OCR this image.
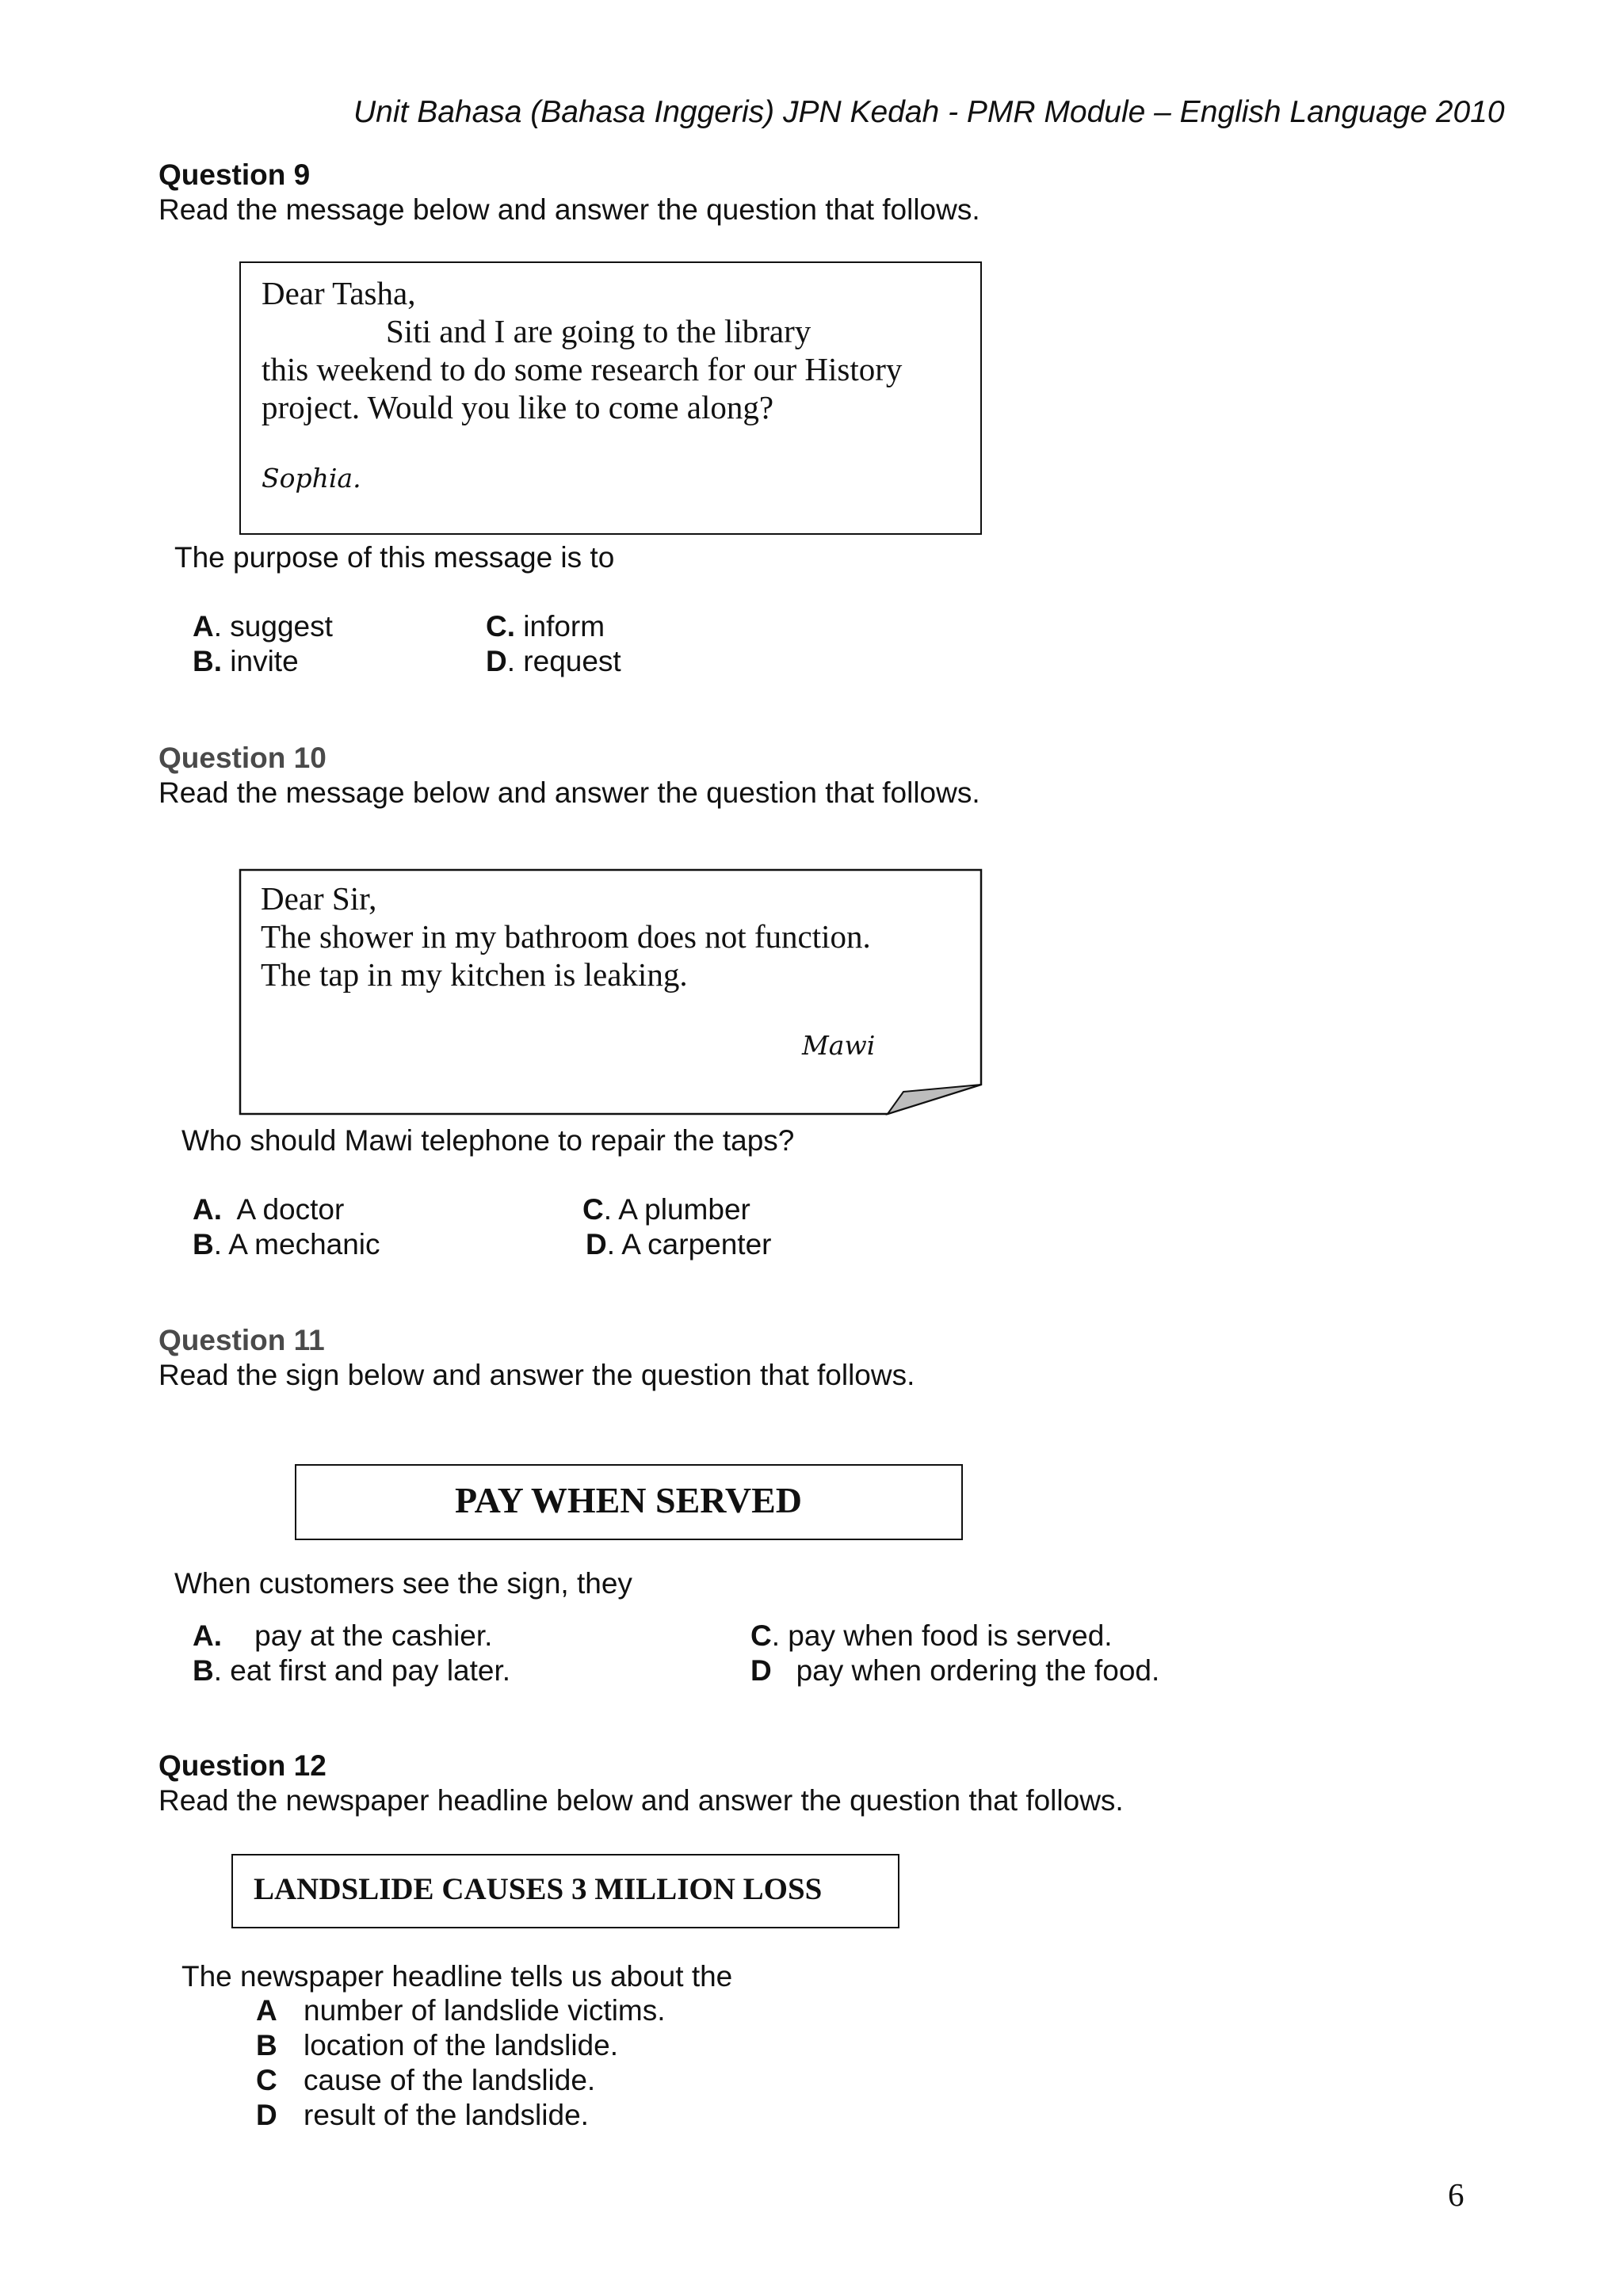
Unit Bahasa (Bahasa Inggeris) JPN Kedah - PMR Module – English Language 2010
Question 9
Read the message below and answer the question that follows.
Dear Tasha,
Siti and I are going to the library
this weekend to do some research for our History
project. Would you like to come along?
Sophia.
The purpose of this message is to
A. suggest
B. invite
C. inform
D. request
Question 10
Read the message below and answer the question that follows.
Dear Sir,
The shower in my bathroom does not function.
The tap in my kitchen is leaking.
Mawi
Who should Mawi telephone to repair the taps?
A. A doctor
B. A mechanic
C. A plumber
D. A carpenter
Question 11
Read the sign below and answer the question that follows.
PAY WHEN SERVED
When customers see the sign, they
A. pay at the cashier.
B. eat first and pay later.
C. pay when food is served.
D pay when ordering the food.
Question 12
Read the newspaper headline below and answer the question that follows.
LANDSLIDE CAUSES 3 MILLION LOSS
The newspaper headline tells us about the
A number of landslide victims.
B location of the landslide.
C cause of the landslide.
D result of the landslide.
6
